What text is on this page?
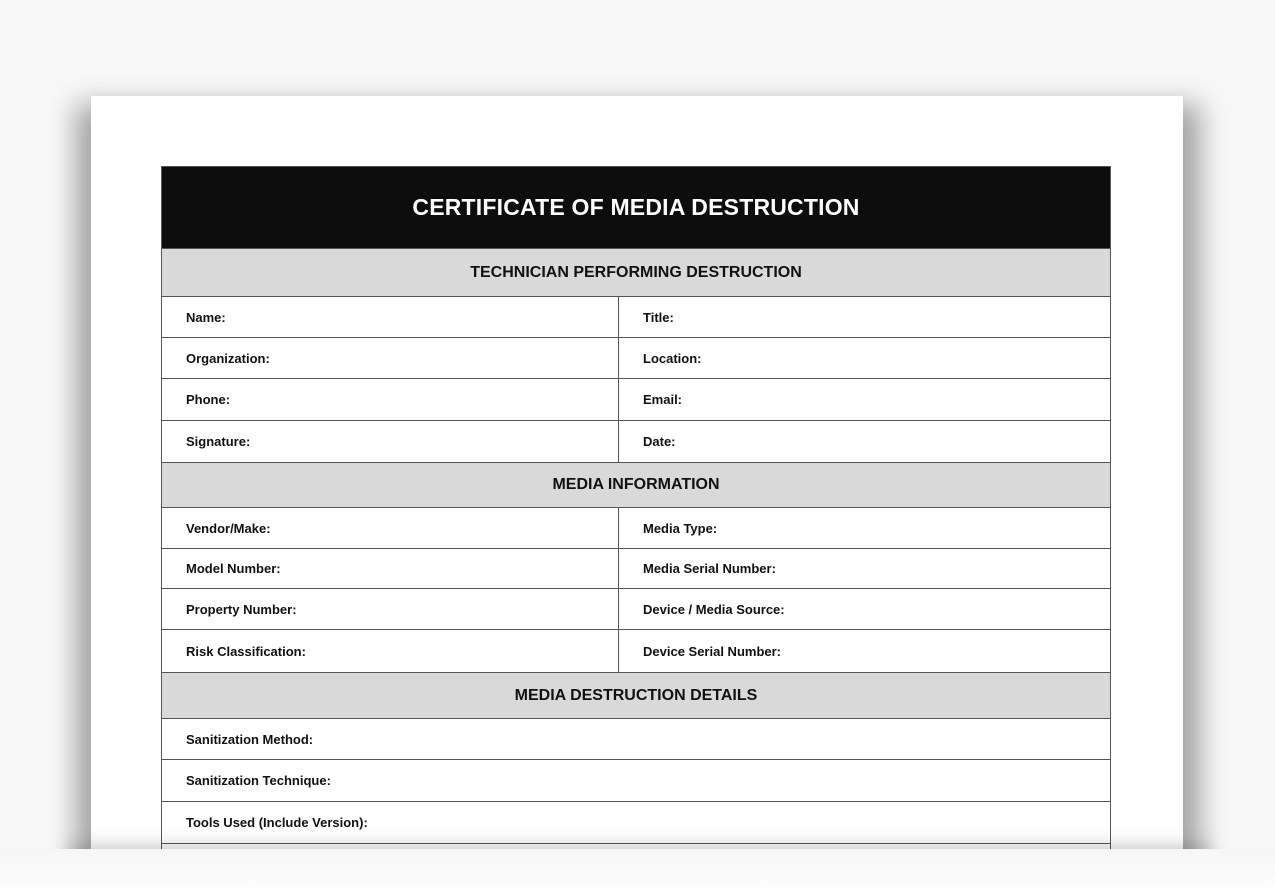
CERTIFICATE OF MEDIA DESTRUCTION
TECHNICIAN PERFORMING DESTRUCTION
Name:	Title:
Organization:	Location:
Phone:	Email:
Signature:	Date:
MEDIA INFORMATION
Vendor/Make:	Media Type:
Model Number:	Media Serial Number:
Property Number:	Device / Media Source:
Risk Classification:	Device Serial Number:
MEDIA DESTRUCTION DETAILS
Sanitization Method:
Sanitization Technique:
Tools Used (Include Version):
